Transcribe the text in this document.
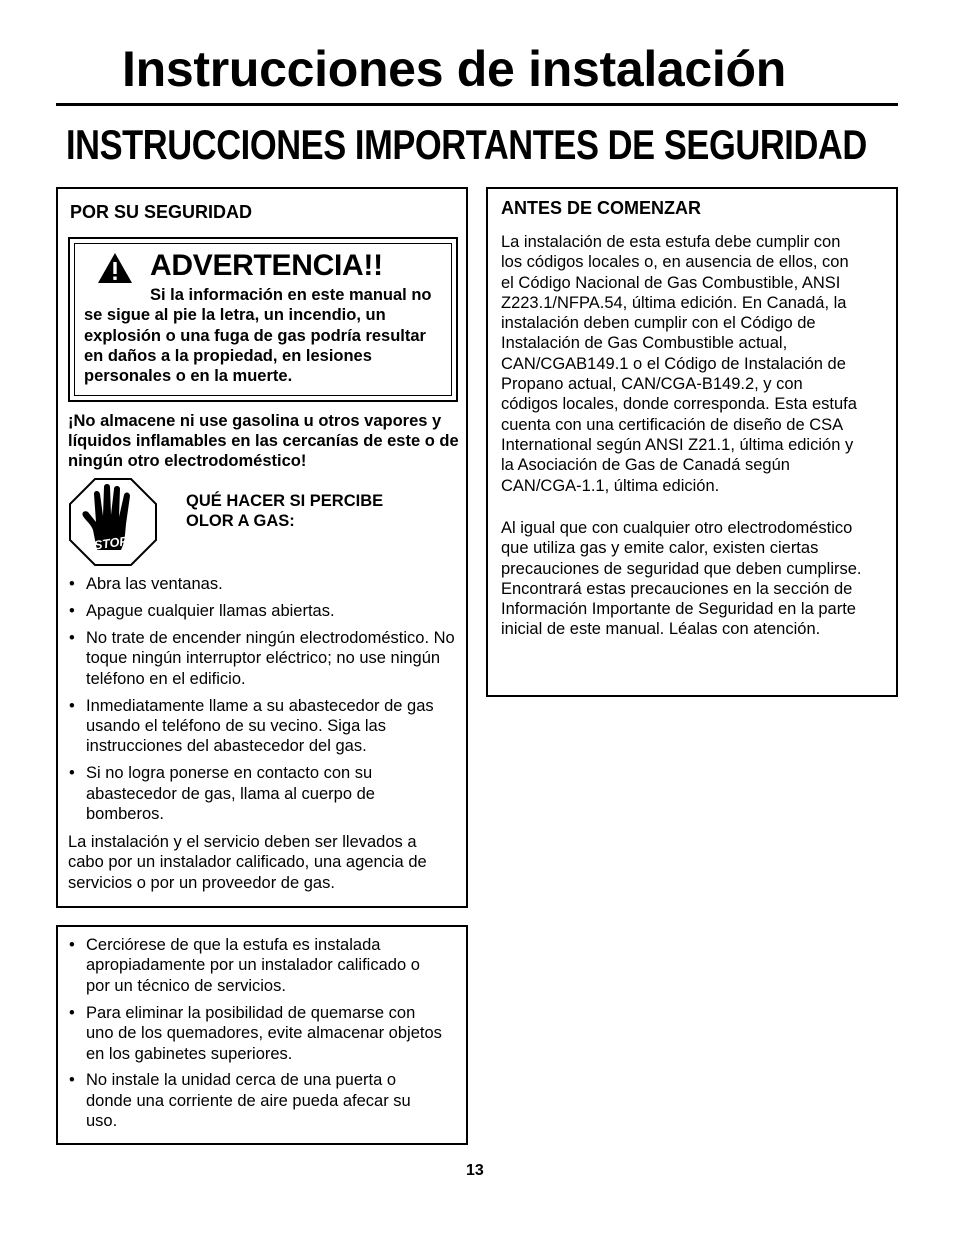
Instrucciones de instalación
INSTRUCCIONES IMPORTANTES DE SEGURIDAD
POR SU SEGURIDAD
ADVERTENCIA!!

Si la información en este manual no se sigue al pie la letra, un incendio, un explosión o una fuga de gas podría resultar en daños a la propiedad, en lesiones personales o en la muerte.

¡No almacene ni use gasolina u otros vapores y líquidos inflamables en las cercanías de este o de ningún otro electrodoméstico!

STOP!

QUÉ HACER SI PERCIBE OLOR A GAS:

• Abra las ventanas.
• Apague cualquier llamas abiertas.
• No trate de encender ningún electrodoméstico. No toque ningún interruptor eléctrico; no use ningún teléfono en el edificio.
• Inmediatamente llame a su abastecedor de gas usando el teléfono de su vecino. Siga las instrucciones del abastecedor del gas.
• Si no logra ponerse en contacto con su abastecedor de gas, llama al cuerpo de bomberos.

La instalación y el servicio deben ser llevados a cabo por un instalador calificado, una agencia de servicios o por un proveedor de gas.

• Cerciórese de que la estufa es instalada apropiadamente por un instalador calificado o por un técnico de servicios.
• Para eliminar la posibilidad de quemarse con uno de los quemadores, evite almacenar objetos en los gabinetes superiores.
• No instale la unidad cerca de una puerta o donde una corriente de aire pueda afecar su uso.
ANTES DE COMENZAR

La instalación de esta estufa debe cumplir con los códigos locales o, en ausencia de ellos, con el Código Nacional de Gas Combustible, ANSI Z223.1/NFPA.54, última edición. En Canadá, la instalación deben cumplir con el Código de Instalación de Gas Combustible actual, CAN/CGAB149.1 o el Código de Instalación de Propano actual, CAN/CGA-B149.2, y con códigos locales, donde corresponda. Esta estufa cuenta con una certificación de diseño de CSA International según ANSI Z21.1, última edición y la Asociación de Gas de Canadá según CAN/CGA-1.1, última edición.

Al igual que con cualquier otro electrodoméstico que utiliza gas y emite calor, existen ciertas precauciones de seguridad que deben cumplirse. Encontrará estas precauciones en la sección de Información Importante de Seguridad en la parte inicial de este manual. Léalas con atención.

13
